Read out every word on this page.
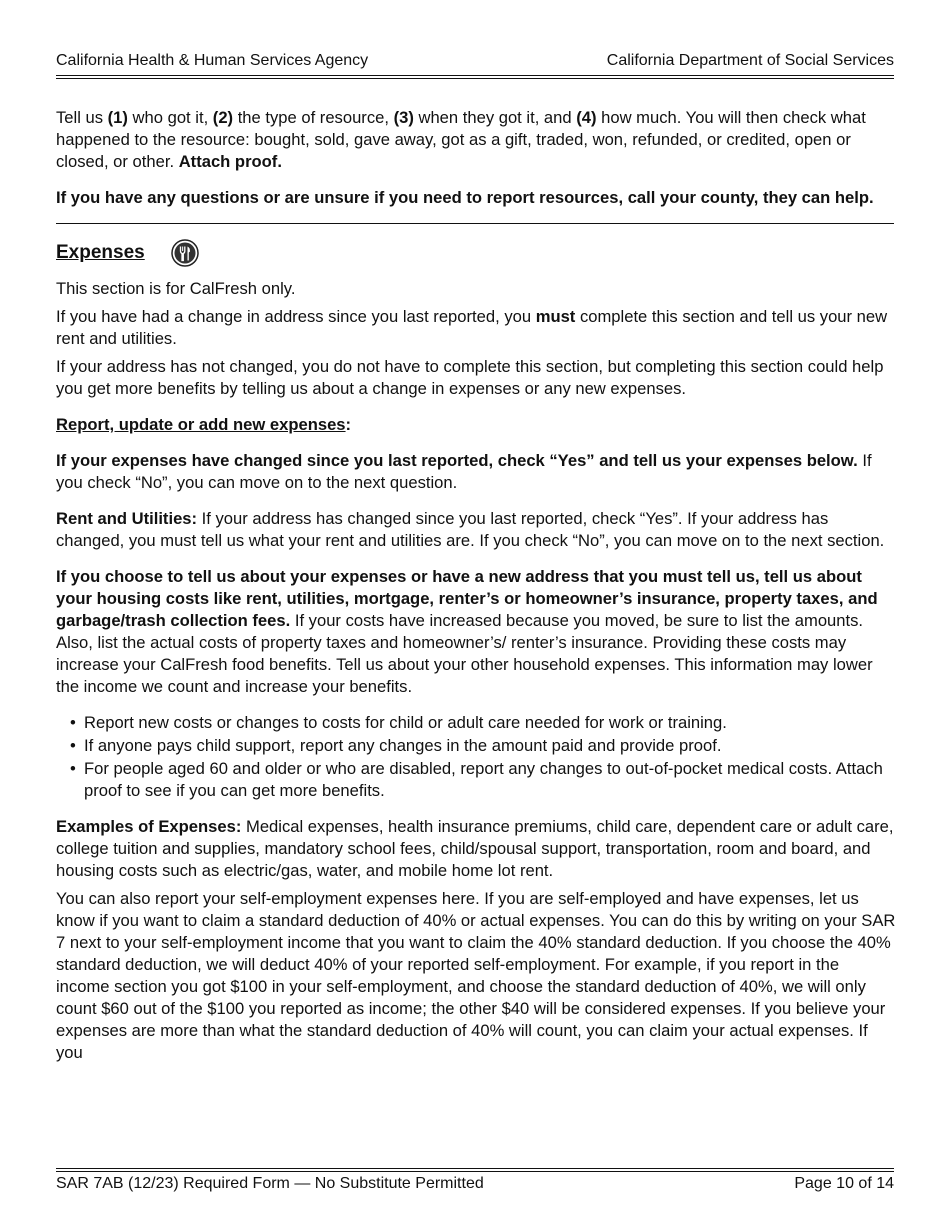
California Health & Human Services Agency	California Department of Social Services

Tell us (1) who got it, (2) the type of resource, (3) when they got it, and (4) how much. You will then check what happened to the resource: bought, sold, gave away, got as a gift, traded, won, refunded, or credited, open or closed, or other. Attach proof.

If you have any questions or are unsure if you need to report resources, call your county, they can help.

Expenses

This section is for CalFresh only.

If you have had a change in address since you last reported, you must complete this section and tell us your new rent and utilities.

If your address has not changed, you do not have to complete this section, but completing this section could help you get more benefits by telling us about a change in expenses or any new expenses.

Report, update or add new expenses:

If your expenses have changed since you last reported, check “Yes” and tell us your expenses below. If you check “No”, you can move on to the next question.

Rent and Utilities: If your address has changed since you last reported, check “Yes”. If your address has changed, you must tell us what your rent and utilities are. If you check “No”, you can move on to the next section.

If you choose to tell us about your expenses or have a new address that you must tell us, tell us about your housing costs like rent, utilities, mortgage, renter’s or homeowner’s insurance, property taxes, and garbage/trash collection fees. If your costs have increased because you moved, be sure to list the amounts. Also, list the actual costs of property taxes and homeowner’s/ renter’s insurance. Providing these costs may increase your CalFresh food benefits. Tell us about your other household expenses. This information may lower the income we count and increase your benefits.

• Report new costs or changes to costs for child or adult care needed for work or training.
• If anyone pays child support, report any changes in the amount paid and provide proof.
• For people aged 60 and older or who are disabled, report any changes to out-of-pocket medical costs. Attach proof to see if you can get more benefits.

Examples of Expenses: Medical expenses, health insurance premiums, child care, dependent care or adult care, college tuition and supplies, mandatory school fees, child/spousal support, transportation, room and board, and housing costs such as electric/gas, water, and mobile home lot rent.

You can also report your self-employment expenses here. If you are self-employed and have expenses, let us know if you want to claim a standard deduction of 40% or actual expenses. You can do this by writing on your SAR 7 next to your self-employment income that you want to claim the 40% standard deduction. If you choose the 40% standard deduction, we will deduct 40% of your reported self-employment. For example, if you report in the income section you got $100 in your self-employment, and choose the standard deduction of 40%, we will only count $60 out of the $100 you reported as income; the other $40 will be considered expenses. If you believe your expenses are more than what the standard deduction of 40% will count, you can claim your actual expenses. If you

SAR 7AB (12/23) Required Form — No Substitute Permitted	Page 10 of 14
